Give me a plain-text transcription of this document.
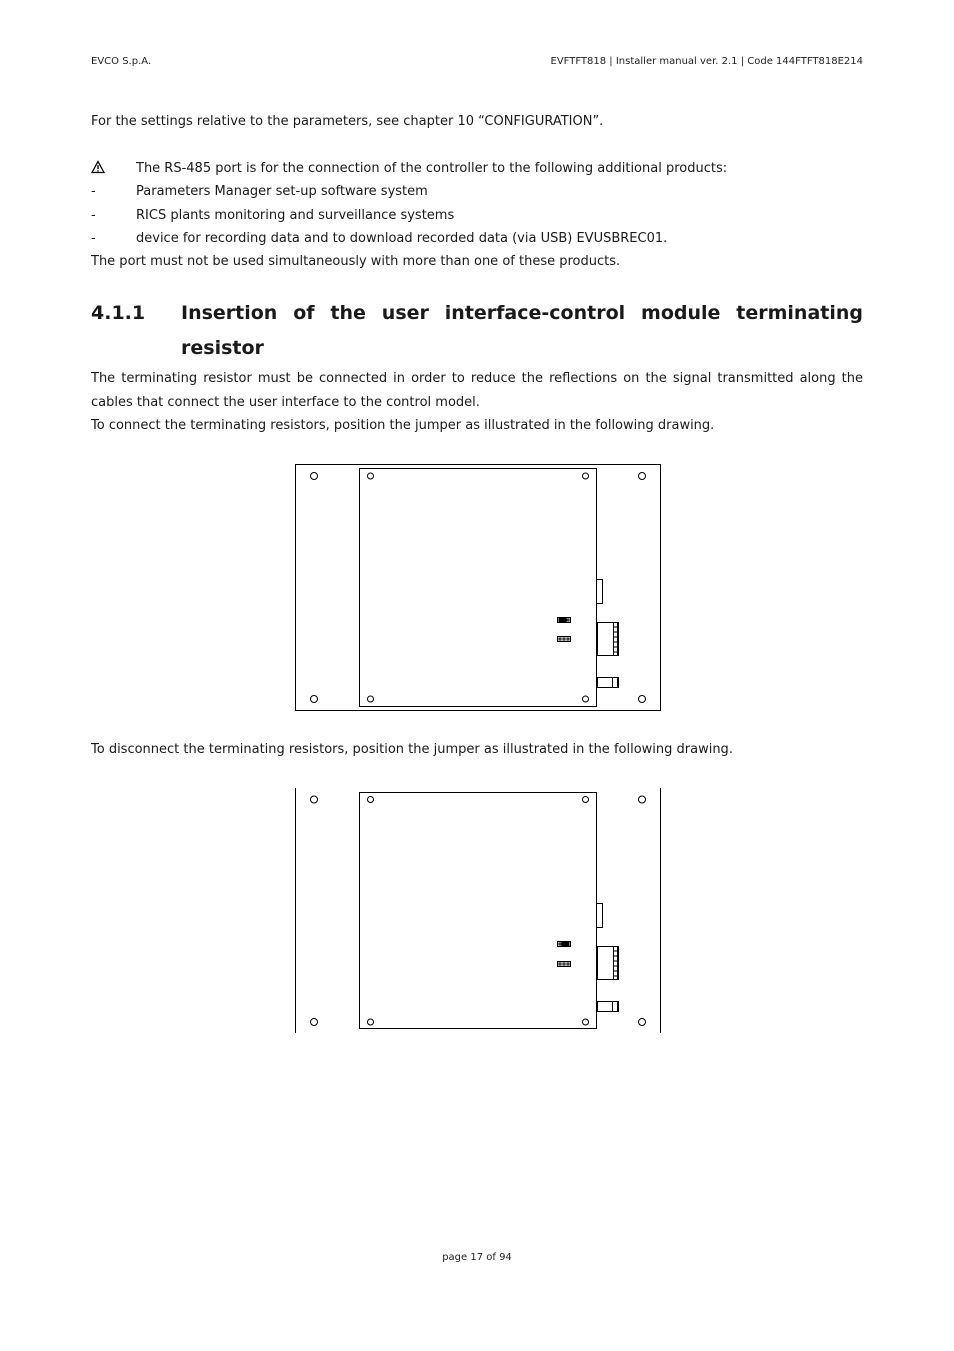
EVCO S.p.A.	EVFTFT818 | Installer manual ver. 2.1 | Code 144FTFT818E214
For the settings relative to the parameters, see chapter 10 “CONFIGURATION”.
The RS-485 port is for the connection of the controller to the following additional products:
-	Parameters Manager set-up software system
-	RICS plants monitoring and surveillance systems
-	device for recording data and to download recorded data (via USB) EVUSBREC01.
The port must not be used simultaneously with more than one of these products.
4.1.1 Insertion of the user interface-control module terminating resistor
The terminating resistor must be connected in order to reduce the reflections on the signal transmitted along the cables that connect the user interface to the control model.
To connect the terminating resistors, position the jumper as illustrated in the following drawing.
To disconnect the terminating resistors, position the jumper as illustrated in the following drawing.
page 17 of 94
